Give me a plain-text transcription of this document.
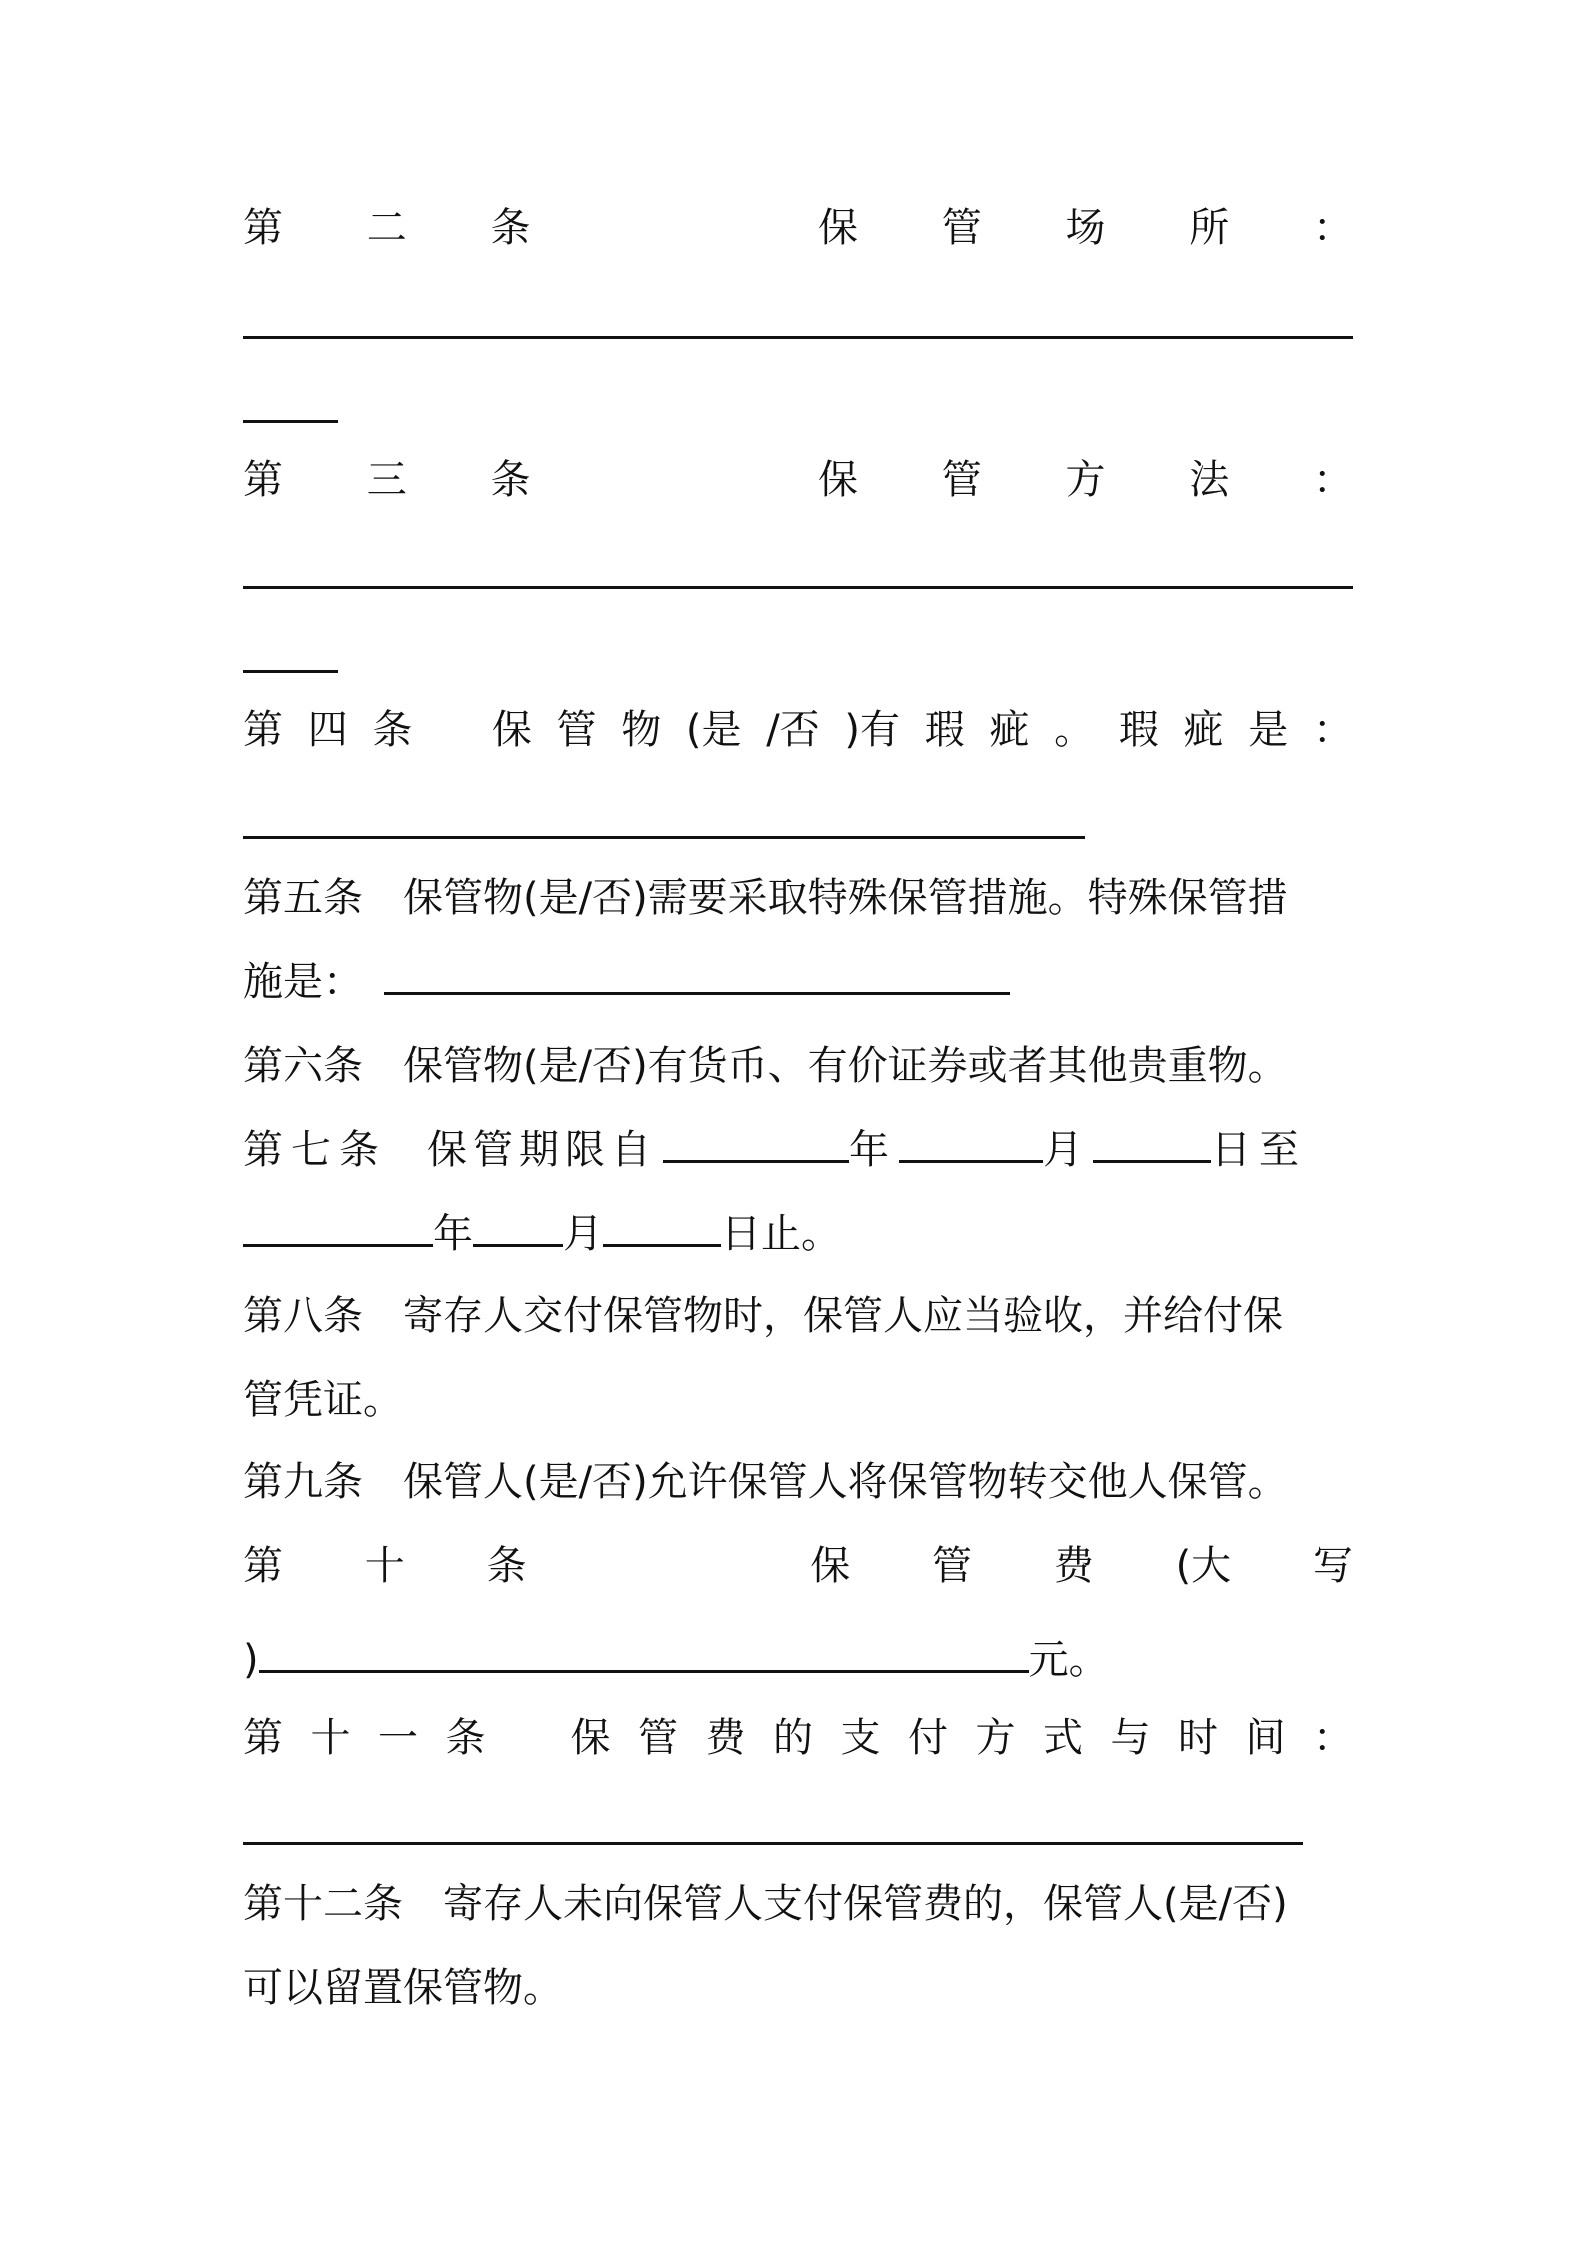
第 二 条	保 管 场 所 ：
第 三 条	保 管 方 法 ：
第 四 条 保 管 物 (是 /否 )有 瑕 疵 。 瑕 疵 是 ：
第五条　保管物(是/否)需要采取特殊保管措施。特殊保管措
施是：
第六条　保管物(是/否)有货币、有价证券或者其他贵重物。
第七条 保管期限自	年	月	日至
年 月	日止。
第八条　寄存人交付保管物时，保管人应当验收，并给付保
管凭证。
第九条　保管人(是/否)允许保管人将保管物转交他人保管。
第 十 条	保 管 费 (大 写
)	元。
第 十 一 条 保 管 费 的 支 付 方 式 与 时 间 ：
第十二条　寄存人未向保管人支付保管费的，保管人(是/否)
可以留置保管物。
